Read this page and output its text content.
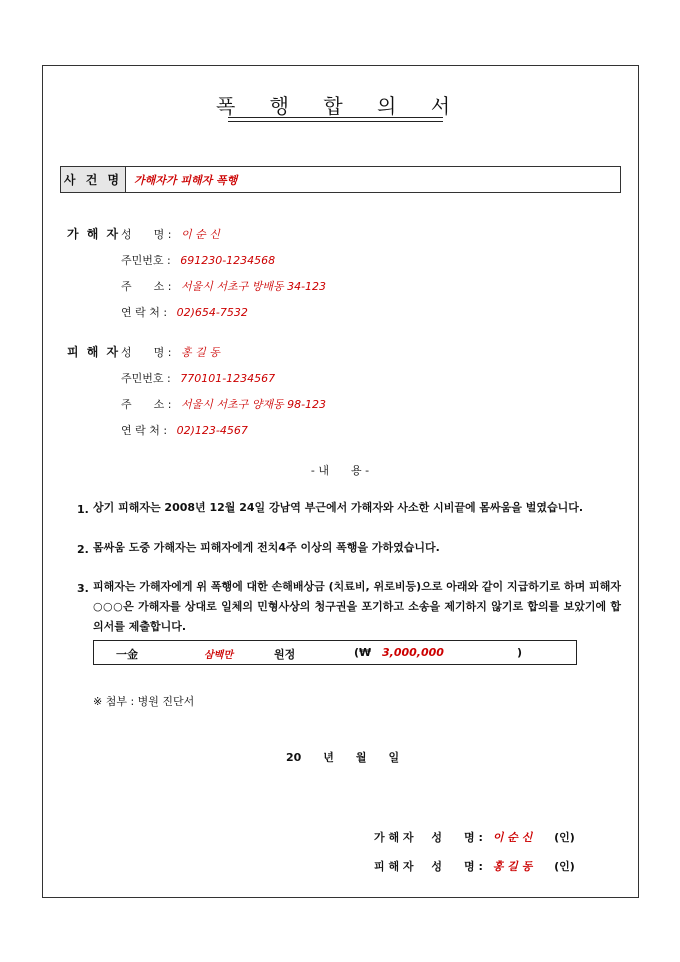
폭 행 합 의 서
사 건 명	가해자가 피해자 폭행
가 해 자 성　　명 : 이 순 신
주민번호 : 691230-1234568
주　　소 : 서울시 서초구 방배동 34-123
연 락 처 : 02)654-7532
피 해 자 성　　명 : 홍 길 동
주민번호 : 770101-1234567
주　　소 : 서울시 서초구 양재동 98-123
연 락 처 : 02)123-4567
- 내　　용 -
1. 상기 피해자는 2008년 12월 24일 강남역 부근에서 가해자와 사소한 시비끝에 몸싸움을 벌였습니다.
2. 몸싸움 도중 가해자는 피해자에게 전치4주 이상의 폭행을 가하였습니다.
3. 피해자는 가해자에게 위 폭행에 대한 손해배상금 (치료비, 위로비등)으로 아래와 같이 지급하기로 하며 피해자 ○○○은 가해자를 상대로 일체의 민형사상의 청구권을 포기하고 소송을 제기하지 않기로 합의를 보았기에 합의서를 제출합니다.
一金	삼백만	원정	(₩ 3,000,000	)
※ 첨부 : 병원 진단서
20　　년　　월　　일
가 해 자 성　　명 : 이 순 신 (인)
피 해 자 성　　명 : 홍 길 동 (인)
